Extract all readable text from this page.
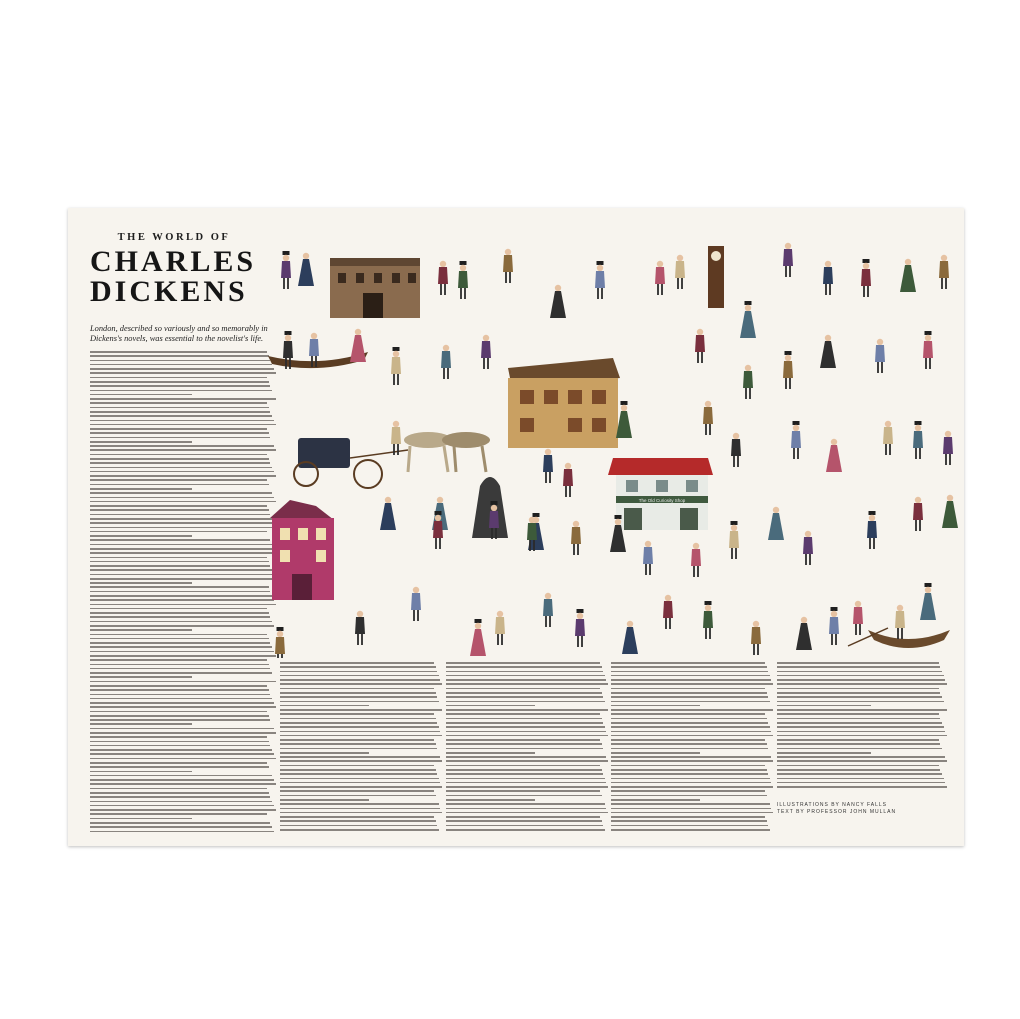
THE WORLD OF

CHARLES

DICKENS

London, described so variously and so memorably in Dickens's novels, was essential to the novelist's life.

The Old Curiosity Shop
ILLUSTRATIONS BY NANCY FALLS
TEXT BY PROFESSOR JOHN MULLAN
